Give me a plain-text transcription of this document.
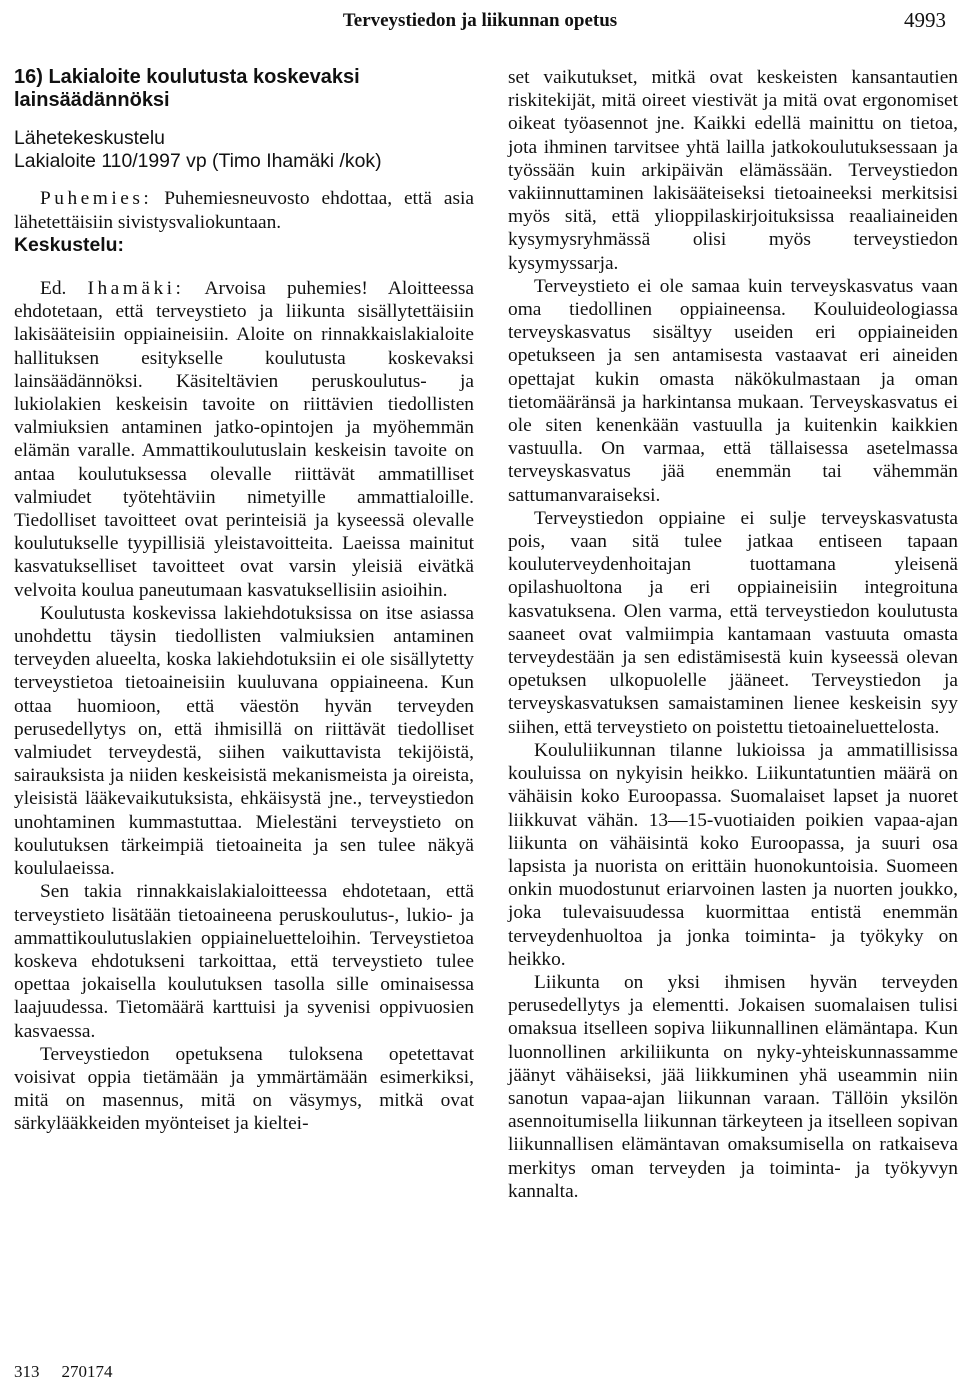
Terveystiedon ja liikunnan opetus	4993
16) Lakialoite koulutusta koskevaksi lainsäädännöksi
Lähetekeskustelu
Lakialoite 110/1997 vp (Timo Ihamäki /kok)

Puhemies: Puhemiesneuvosto ehdottaa, että asia lähetettäisiin sivistysvaliokuntaan.

Keskustelu:

Ed. Ihamäki: Arvoisa puhemies! Aloitteessa ehdotetaan, että terveystieto ja liikunta sisällytettäisiin lakisääteisiin oppiaineisiin. Aloite on rinnakkaislakialoite hallituksen esitykselle koulutusta koskevaksi lainsäädännöksi. Käsiteltävien peruskoulutus- ja lukiolakien keskeisin tavoite on riittävien tiedollisten valmiuksien antaminen jatko-opintojen ja myöhemmän elämän varalle. Ammattikoulutuslain keskeisin tavoite on antaa koulutuksessa olevalle riittävät ammatilliset valmiudet työtehtäviin nimetyille ammattialoille. Tiedolliset tavoitteet ovat perinteisiä ja kyseessä olevalle koulutukselle tyypillisiä yleistavoitteita. Laeissa mainitut kasvatukselliset tavoitteet ovat varsin yleisiä eivätkä velvoita koulua paneutumaan kasvatuksellisiin asioihin.

Koulutusta koskevissa lakiehdotuksissa on itse asiassa unohdettu täysin tiedollisten valmiuksien antaminen terveyden alueelta, koska lakiehdotuksiin ei ole sisällytetty terveystietoa tietoaineisiin kuuluvana oppiaineena. Kun ottaa huomioon, että väestön hyvän terveyden perusedellytys on, että ihmisillä on riittävät tiedolliset valmiudet terveydestä, siihen vaikuttavista tekijöistä, sairauksista ja niiden keskeisistä mekanismeista ja oireista, yleisistä lääkevaikutuksista, ehkäisystä jne., terveystiedon unohtaminen kummastuttaa. Mielestäni terveystieto on koulutuksen tärkeimpiä tietoaineita ja sen tulee näkyä koululaeissa.

Sen takia rinnakkaislakialoitteessa ehdotetaan, että terveystieto lisätään tietoaineena peruskoulutus-, lukio- ja ammattikoulutuslakien oppiaineluetteloihin. Terveystietoa koskeva ehdotukseni tarkoittaa, että terveystieto tulee opettaa jokaisella koulutuksen tasolla sille ominaisessa laajuudessa. Tietomäärä karttuisi ja syvenisi oppivuosien kasvaessa.

Terveystiedon opetuksena tuloksena opetettavat voisivat oppia tietämään ja ymmärtämään esimerkiksi, mitä on masennus, mitä on väsymys, mitkä ovat särkylääkkeiden myönteiset ja kieltei-

set vaikutukset, mitkä ovat keskeisten kansantautien riskitekijät, mitä oireet viestivät ja mitä ovat ergonomiset oikeat työasennot jne. Kaikki edellä mainittu on tietoa, jota ihminen tarvitsee yhtä lailla jatkokoulutuksessaan ja työssään kuin arkipäivän elämässään. Terveystiedon vakiinnuttaminen lakisääteiseksi tietoaineeksi merkitsisi myös sitä, että ylioppilaskirjoituksissa reaaliaineiden kysymysryhmässä olisi myös terveystiedon kysymyssarja.

Terveystieto ei ole samaa kuin terveyskasvatus vaan oma tiedollinen oppiaineensa. Kouluideologiassa terveyskasvatus sisältyy useiden eri oppiaineiden opetukseen ja sen antamisesta vastaavat eri aineiden opettajat kukin omasta näkökulmastaan ja oman tietomääränsä ja harkintansa mukaan. Terveyskasvatus ei ole siten kenenkään vastuulla ja kuitenkin kaikkien vastuulla. On varmaa, että tällaisessa asetelmassa terveyskasvatus jää enemmän tai vähemmän sattumanvaraiseksi.

Terveystiedon oppiaine ei sulje terveyskasvatusta pois, vaan sitä tulee jatkaa entiseen tapaan kouluterveydenhoitajan tuottamana yleisenä opilashuoltona ja eri oppiaineisiin integroituna kasvatuksena. Olen varma, että terveystiedon koulutusta saaneet ovat valmiimpia kantamaan vastuuta omasta terveydestään ja sen edistämisestä kuin kyseessä olevan opetuksen ulkopuolelle jääneet. Terveystiedon ja terveyskasvatuksen samaistaminen lienee keskeisin syy siihen, että terveystieto on poistettu tietoaineluettelosta.

Koululiikunnan tilanne lukioissa ja ammatillisissa kouluissa on nykyisin heikko. Liikuntatuntien määrä on vähäisin koko Euroopassa. Suomalaiset lapset ja nuoret liikkuvat vähän. 13—15-vuotiaiden poikien vapaa-ajan liikunta on vähäisintä koko Euroopassa, ja suuri osa lapsista ja nuorista on erittäin huonokuntoisia. Suomeen onkin muodostunut eriarvoinen lasten ja nuorten joukko, joka tulevaisuudessa kuormittaa entistä enemmän terveydenhuoltoa ja jonka toiminta- ja työkyky on heikko.

Liikunta on yksi ihmisen hyvän terveyden perusedellytys ja elementti. Jokaisen suomalaisen tulisi omaksua itselleen sopiva liikunnallinen elämäntapa. Kun luonnollinen arkiliikunta on nyky-yhteiskunnassamme jäänyt vähäiseksi, jää liikkuminen yhä useammin niin sanotun vapaa-ajan liikunnan varaan. Tällöin yksilön asennoitumisella liikunnan tärkeyteen ja itselleen sopivan liikunnallisen elämäntavan omaksumisella on ratkaiseva merkitys oman terveyden ja toiminta- ja työkyvyn kannalta.

313 270174
